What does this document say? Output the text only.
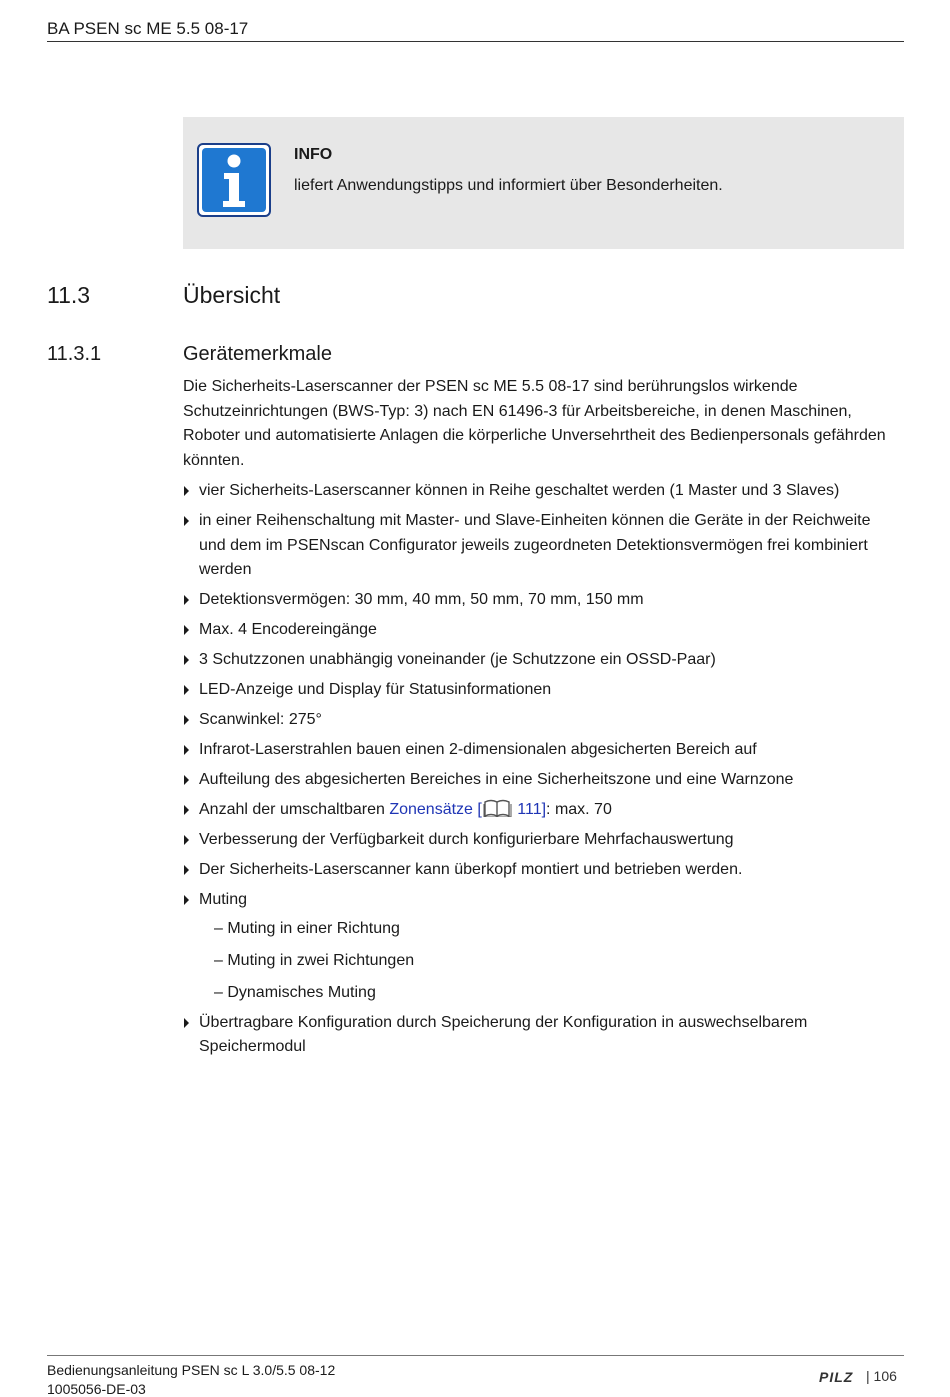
BA PSEN sc ME 5.5 08-17
INFO
liefert Anwendungstipps und informiert über Besonderheiten.
11.3	Übersicht
11.3.1	Gerätemerkmale

Die Sicherheits-Laserscanner der PSEN sc ME 5.5 08-17 sind berührungslos wirkende Schutzeinrichtungen (BWS-Typ: 3) nach EN 61496-3 für Arbeitsbereiche, in denen Maschinen, Roboter und automatisierte Anlagen die körperliche Unversehrtheit des Bedienpersonals gefährden könnten.

vier Sicherheits-Laserscanner können in Reihe geschaltet werden (1 Master und 3 Slaves)
in einer Reihenschaltung mit Master- und Slave-Einheiten können die Geräte in der Reichweite und dem im PSENscan Configurator jeweils zugeordneten Detektionsvermögen frei kombiniert werden
Detektionsvermögen: 30 mm, 40 mm, 50 mm, 70 mm, 150 mm
Max. 4 Encodereingänge
3 Schutzzonen unabhängig voneinander (je Schutzzone ein OSSD-Paar)
LED-Anzeige und Display für Statusinformationen
Scanwinkel: 275°
Infrarot-Laserstrahlen bauen einen 2-dimensionalen abgesicherten Bereich auf
Aufteilung des abgesicherten Bereiches in eine Sicherheitszone und eine Warnzone
Anzahl der umschaltbaren Zonensätze [ 111]: max. 70
Verbesserung der Verfügbarkeit durch konfigurierbare Mehrfachauswertung
Der Sicherheits-Laserscanner kann überkopf montiert und betrieben werden.
Muting
– Muting in einer Richtung
– Muting in zwei Richtungen
– Dynamisches Muting
Übertragbare Konfiguration durch Speicherung der Konfiguration in auswechselbarem Speichermodul
Bedienungsanleitung PSEN sc L 3.0/5.5 08-12
1005056-DE-03
PILZ | 106
